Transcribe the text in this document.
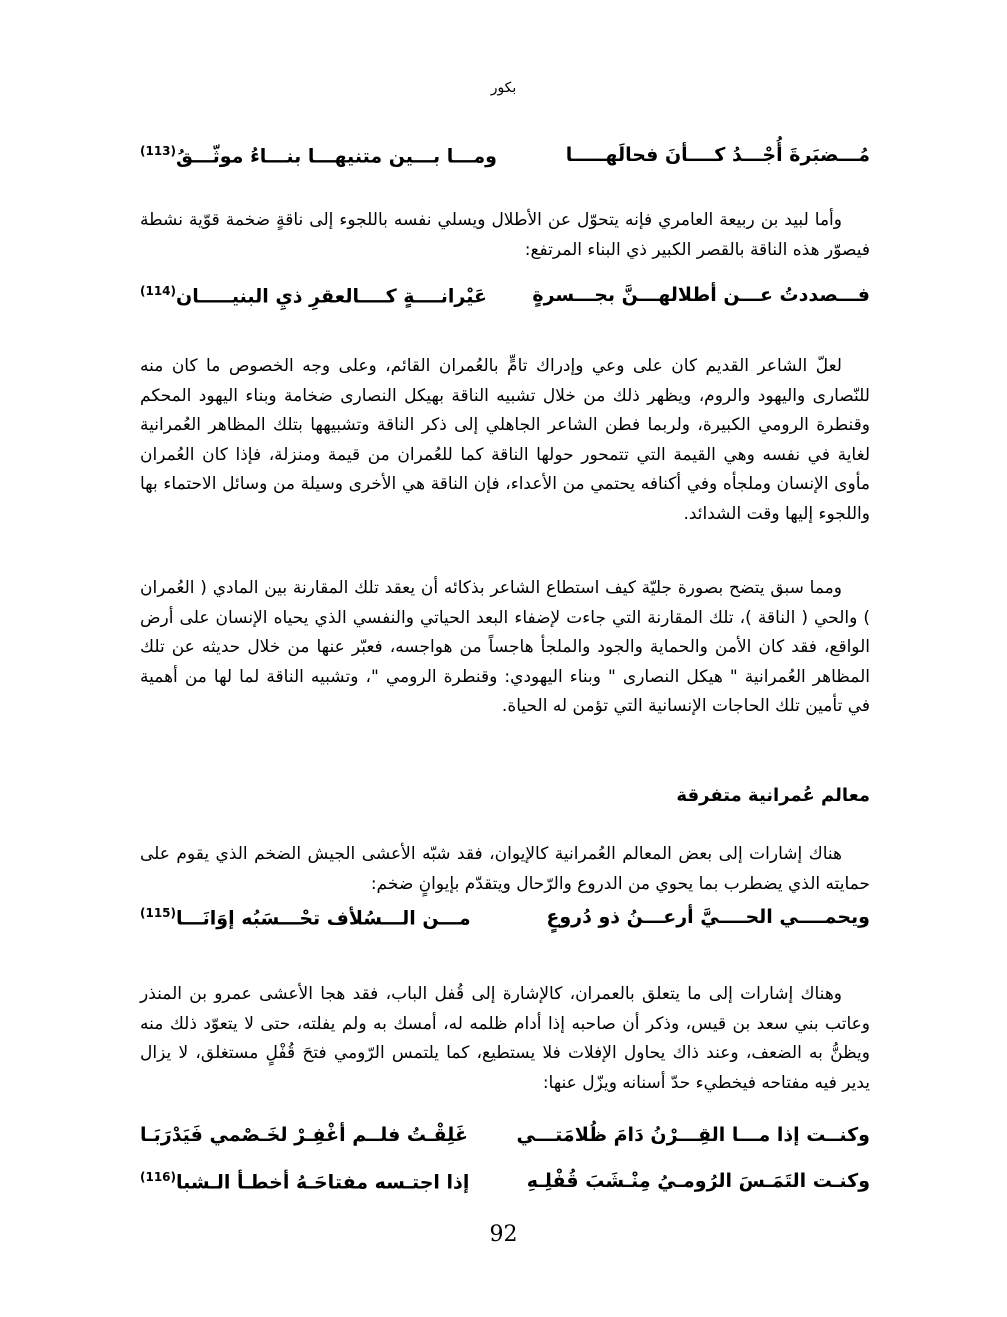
بكور
مُـــضبَرةَ أُجْـــدُ كــــأنَ فحالَهـــــا
ومـــا بـــين متنيهـــا بنـــاءُ موثّـــقُ$^{(113)}$
وأما لبيد بن ربيعة العامري فإنه يتحوّل عن الأطلال ويسلي نفسه باللجوء إلى ناقةٍ ضخمة قوّية نشطة فيصوّر هذه الناقة بالقصر الكبير ذي البناء المرتفع:
فـــصددتُ عـــن أطلالهـــنَّ بجـــسرةٍ
عَيْرانــــةٍ كــــالعقرِ ذيِ البنيـــــان$^{(114)}$
لعلّ الشاعر القديم كان على وعي وإدراك تامٍّ بالعُمران القائم، وعلى وجه الخصوص ما كان منه للنّصارى واليهود والروم، ويظهر ذلك من خلال تشبيه الناقة بهيكل النصارى ضخامة وبناء اليهود المحكم وقنطرة الرومي الكبيرة، ولربما فطن الشاعر الجاهلي إلى ذكر الناقة وتشبيهها بتلك المظاهر العُمرانية لغاية في نفسه وهي القيمة التي تتمحور حولها الناقة كما للعُمران من قيمة ومنزلة، فإذا كان العُمران مأوى الإنسان وملجأه وفي أكنافه يحتمي من الأعداء، فإن الناقة هي الأخرى وسيلة من وسائل الاحتماء بها واللجوء إليها وقت الشدائد.
ومما سبق يتضح بصورة جليّة كيف استطاع الشاعر بذكائه أن يعقد تلك المقارنة بين المادي ( العُمران ) والحي ( الناقة )، تلك المقارنة التي جاءت لإضفاء البعد الحياتي والنفسي الذي يحياه الإنسان على أرض الواقع، فقد كان الأمن والحماية والجود والملجأ هاجساً من هواجسه، فعبّر عنها من خلال حديثه عن تلك المظاهر العُمرانية " هيكل النصارى " وبناء اليهودي: وقنطرة الرومي "، وتشبيه الناقة لما لها من أهمية في تأمين تلك الحاجات الإنسانية التي تؤمن له الحياة.
معالم عُمرانية متفرقة
هناك إشارات إلى بعض المعالم العُمرانية كالإيوان، فقد شبّه الأعشى الجيش الضخم الذي يقوم على حمايته الذي يضطرب بما يحوي من الدروع والرّحال ويتقدّم بإيوانٍ ضخم:
ويحمــــي الحــــيَّ أرعـــنُ ذو دُروعٍ
مـــن الـــسُلأف تحْـــسَبُه إوَانَـــا$^{(115)}$
وهناك إشارات إلى ما يتعلق بالعمران، كالإشارة إلى قُفل الباب، فقد هجا الأعشى عمرو بن المنذر وعاتب بني سعد بن قيس، وذكر أن صاحبه إذا أدام ظلمه له، أمسك به ولم يفلته، حتى لا يتعوّد ذلك منه ويظنُّ به الضعف، وعند ذاك يحاول الإفلات فلا يستطيع، كما يلتمس الرّومي فتحَ قُفْلٍ مستغلق، لا يزال يدير فيه مفتاحه فيخطيء حدّ أسنانه ويزّل عنها:
وكنــت إذا مـــا القِـــرْنُ دَامَ ظُلامَتـــي
غَلِقْـتُ فلــم أغْفِـرْ لخَـصْمي فَيَدْرَبَـا
وكنـت التَمَـسَ الرُومـيُ مِنْـشَبَ قُفْلِـهِ
إذا اجتـسه مفتاحَـهُ أخطـأ الـشبا$^{(116)}$
92
